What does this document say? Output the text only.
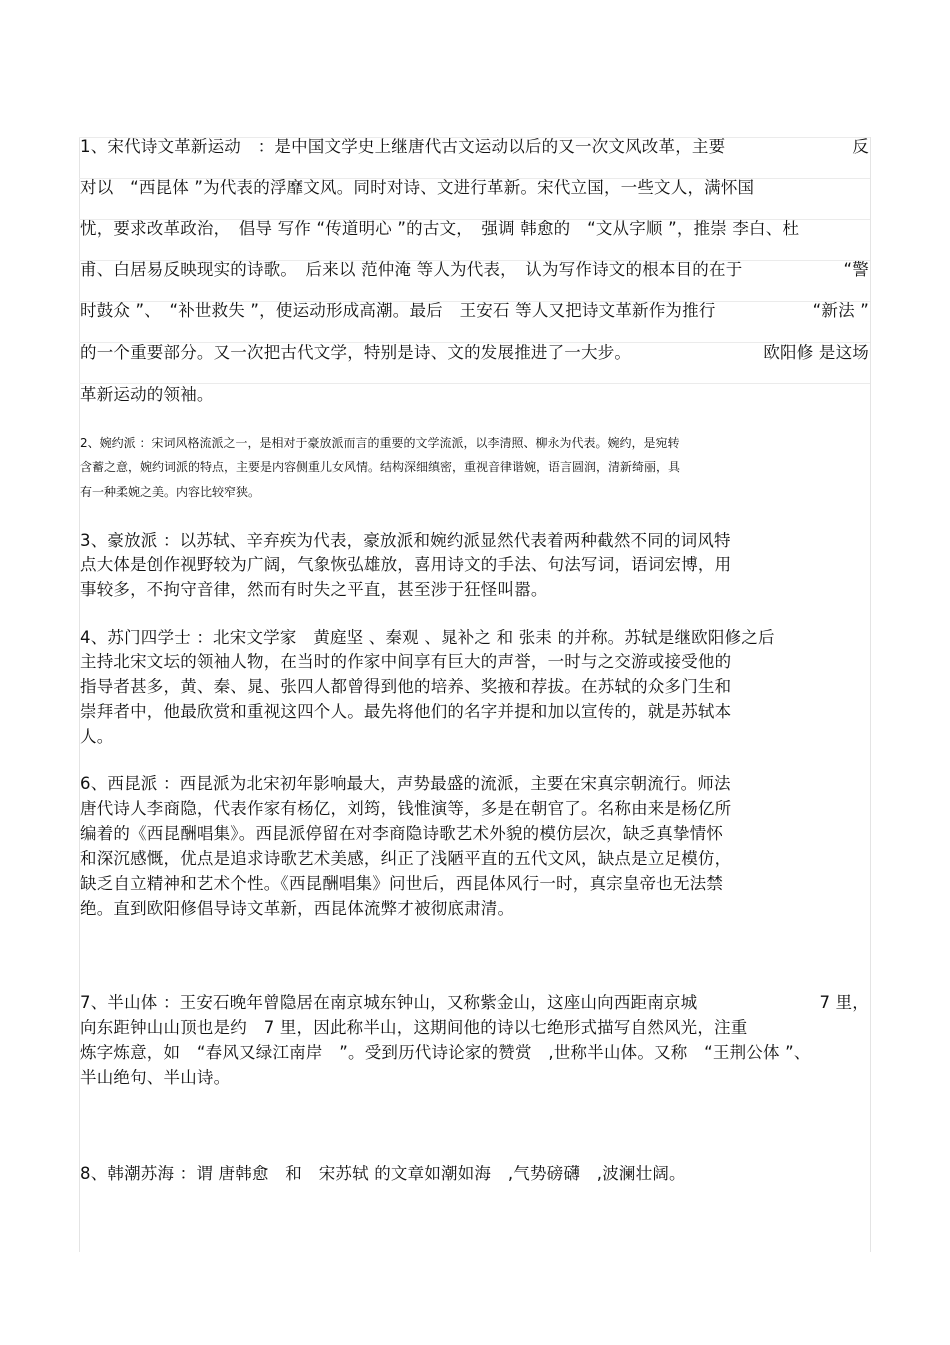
1、宋代诗文革新运动　：是中国文学史上继唐代古文运动以后的又一次文风改革，主要	反
对以　“西昆体 ”为代表的浮靡文风。同时对诗、文进行革新。宋代立国，一些文人，满怀国
忧，要求改革政治，　倡导 写作 “传道明心 ”的古文，　强调 韩愈的　“文从字顺 ”，推崇 李白、杜
甫、白居易反映现实的诗歌。　后来以 范仲淹 等人为代表，　认为写作诗文的根本目的在于	“警
时鼓众 ”、　“补世救失 ”，使运动形成高潮。最后　王安石 等人又把诗文革新作为推行	“新法 ”
的一个重要部分。又一次把古代文学，特别是诗、文的发展推进了一大步。	欧阳修 是这场
革新运动的领袖。
2、婉约派 ：宋词风格流派之一，是相对于豪放派而言的重要的文学流派，以李清照、柳永为代表。婉约，是宛转
含蓄之意，婉约词派的特点，主要是内容侧重儿女风情。结构深细缜密，重视音律谐婉，语言圆润，清新绮丽，具
有一种柔婉之美。内容比较窄狭。
3、豪放派 ：以苏轼、辛弃疾为代表，豪放派和婉约派显然代表着两种截然不同的词风特
点大体是创作视野较为广阔，气象恢弘雄放，喜用诗文的手法、句法写词，语词宏博，用
事较多，不拘守音律，然而有时失之平直，甚至涉于狂怪叫嚣。
4、苏门四学士 ：北宋文学家　黄庭坚 、秦观 、晁补之 和 张耒 的并称。苏轼是继欧阳修之后
主持北宋文坛的领袖人物，在当时的作家中间享有巨大的声誉，一时与之交游或接受他的
指导者甚多，黄、秦、晁、张四人都曾得到他的培养、奖掖和荐拔。在苏轼的众多门生和
崇拜者中，他最欣赏和重视这四个人。最先将他们的名字并提和加以宣传的，就是苏轼本
人。
6、西昆派 ：西昆派为北宋初年影响最大，声势最盛的流派，主要在宋真宗朝流行。师法
唐代诗人李商隐，代表作家有杨亿，刘筠，钱惟演等，多是在朝官了。名称由来是杨亿所
编着的《西昆酬唱集》。西昆派停留在对李商隐诗歌艺术外貌的模仿层次，缺乏真挚情怀
和深沉感慨，优点是追求诗歌艺术美感，纠正了浅陋平直的五代文风，缺点是立足模仿，
缺乏自立精神和艺术个性。《西昆酬唱集》问世后，西昆体风行一时，真宗皇帝也无法禁
绝。直到欧阳修倡导诗文革新，西昆体流弊才被彻底肃清。
7、半山体 ：王安石晚年曾隐居在南京城东钟山，又称紫金山，这座山向西距南京城	7 里，
向东距钟山山顶也是约　7 里，因此称半山，这期间他的诗以七绝形式描写自然风光，注重
炼字炼意，如　“春风又绿江南岸　”。受到历代诗论家的赞赏　,世称半山体。又称　“王荆公体 ”、
半山绝句、半山诗。
8、韩潮苏海 ：谓 唐韩愈　和　宋苏轼 的文章如潮如海　,气势磅礴　,波澜壮阔。
